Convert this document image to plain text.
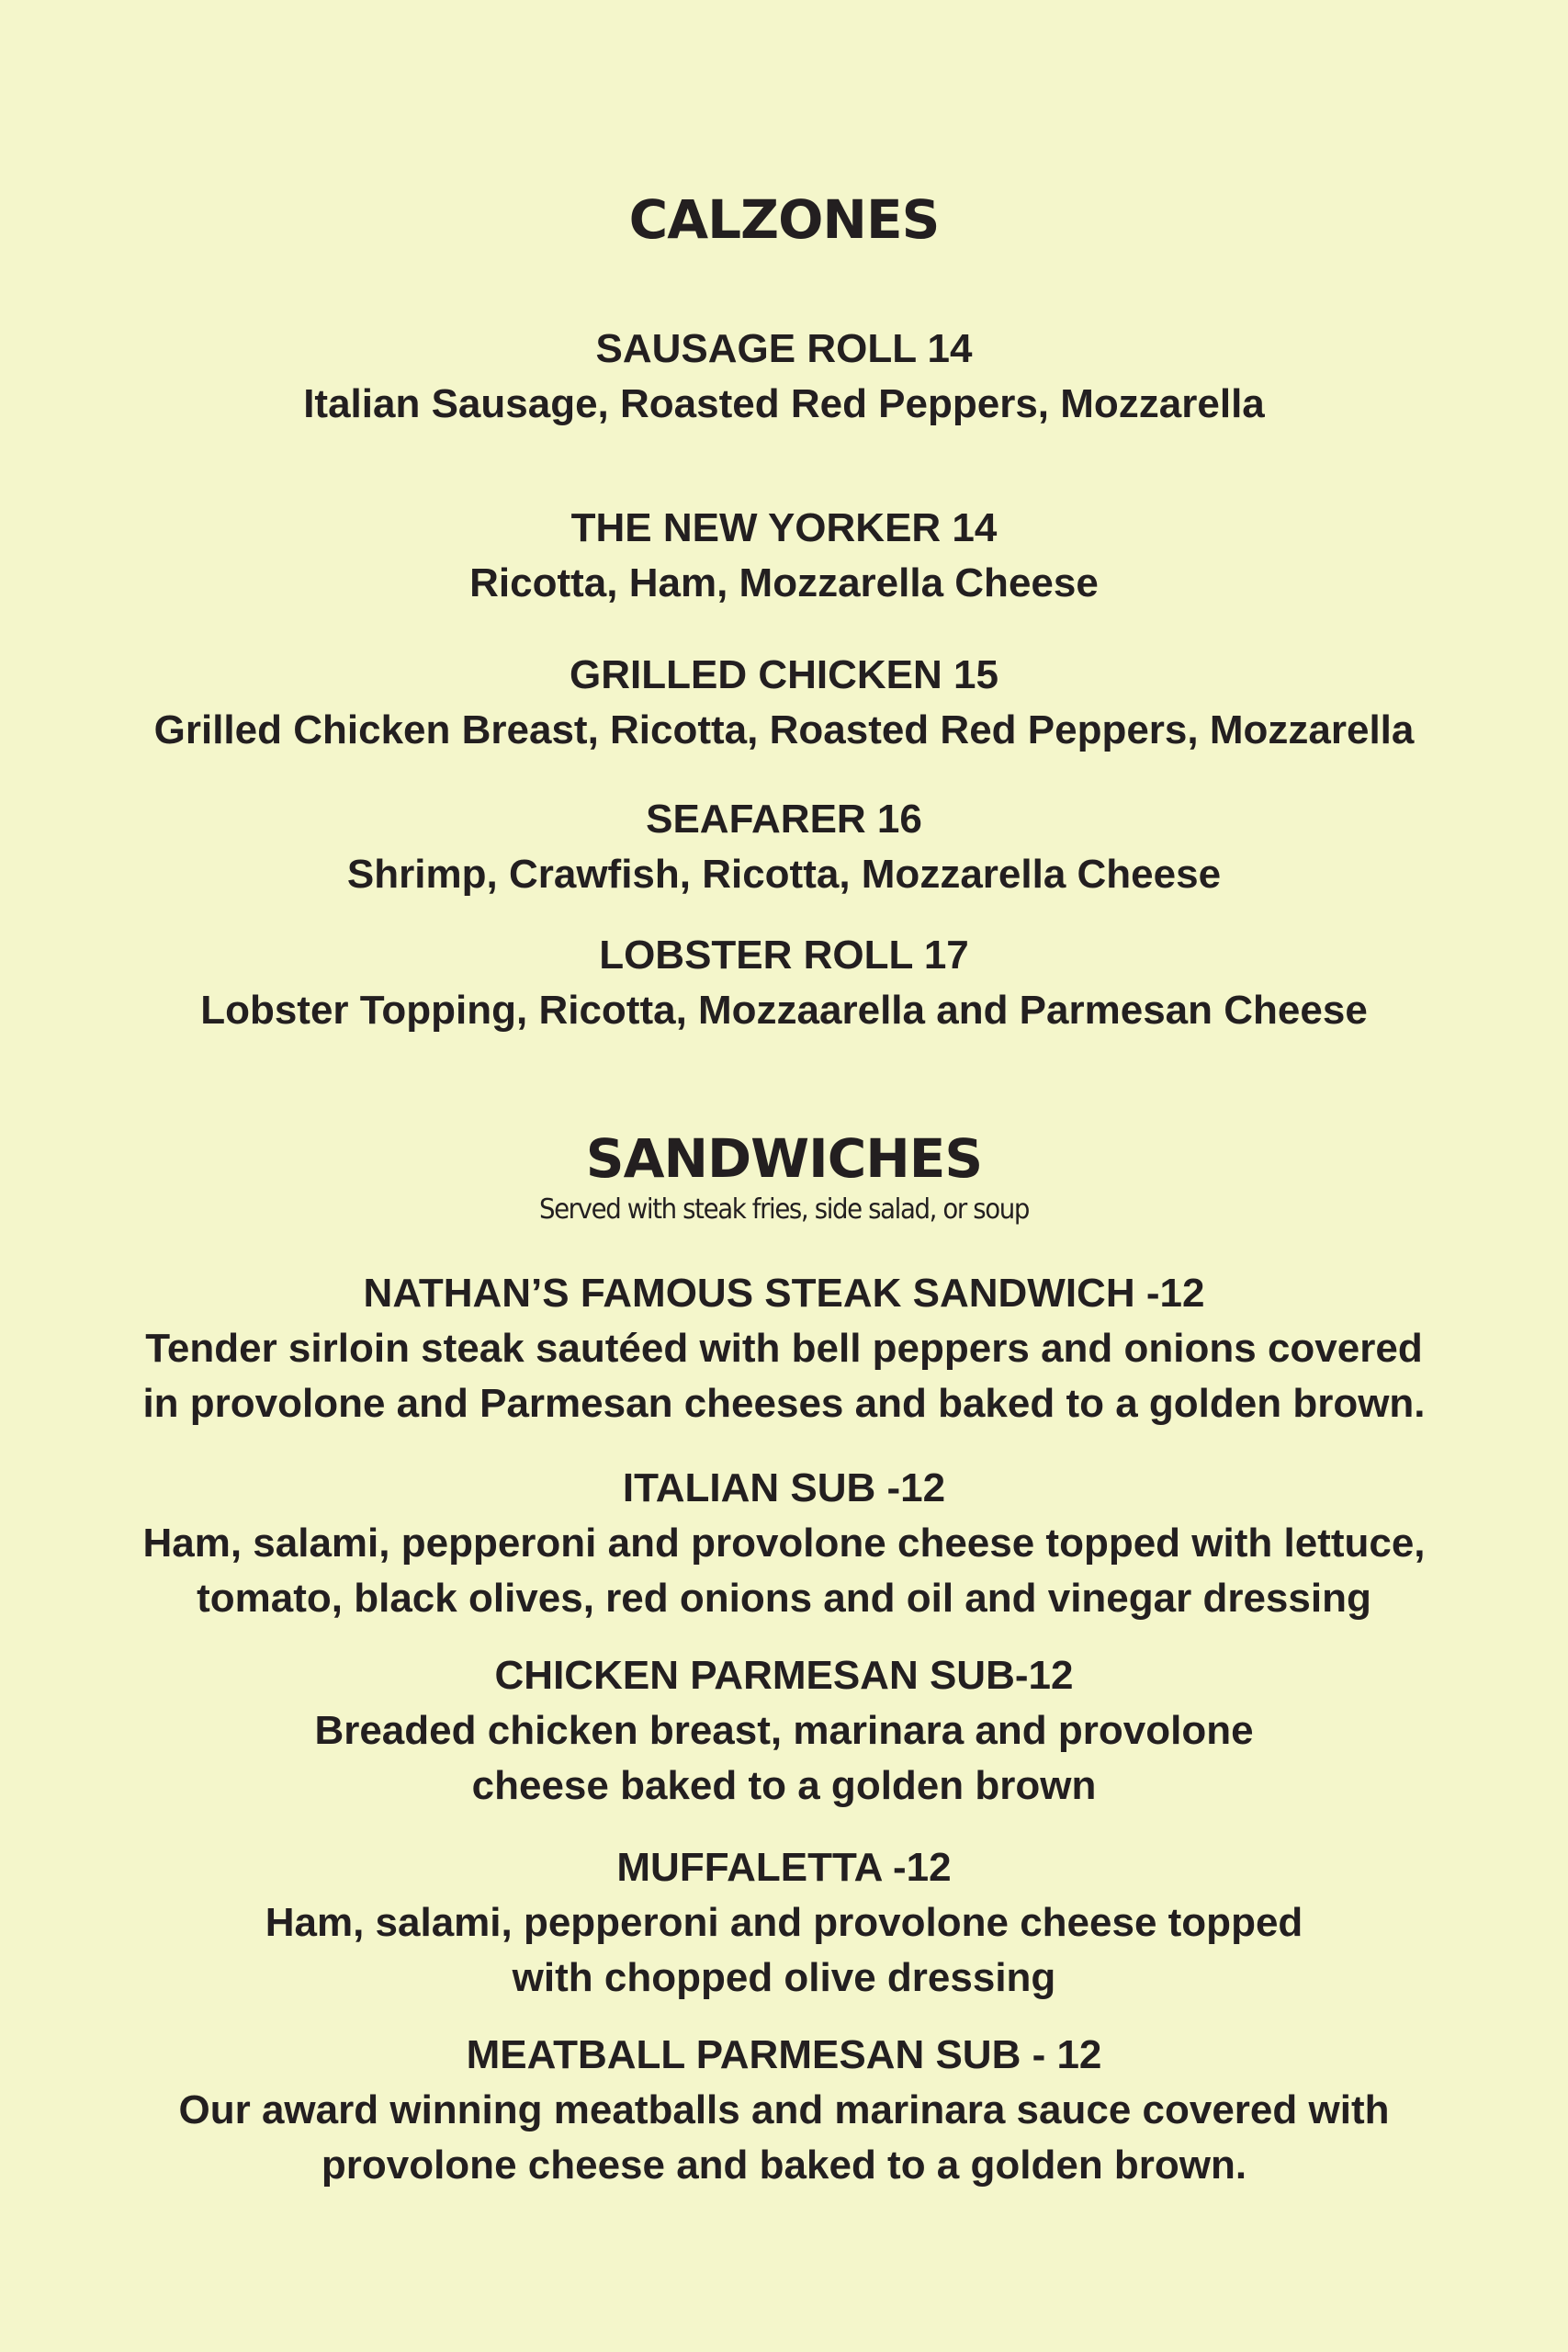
CALZONES
SAUSAGE ROLL 14
Italian Sausage, Roasted Red Peppers, Mozzarella
THE NEW YORKER 14
Ricotta, Ham, Mozzarella Cheese
GRILLED CHICKEN 15
Grilled Chicken Breast, Ricotta, Roasted Red Peppers, Mozzarella
SEAFARER 16
Shrimp, Crawfish, Ricotta, Mozzarella Cheese
LOBSTER ROLL 17
Lobster Topping, Ricotta, Mozzaarella and Parmesan Cheese
SANDWICHES
Served with steak fries, side salad, or soup
NATHAN’S FAMOUS STEAK SANDWICH -12
Tender sirloin steak sautéed with bell peppers and onions covered
in provolone and Parmesan cheeses and baked to a golden brown.
ITALIAN SUB -12
Ham, salami, pepperoni and provolone cheese topped with lettuce,
tomato, black olives, red onions and oil and vinegar dressing
CHICKEN PARMESAN SUB-12
Breaded chicken breast, marinara and provolone
cheese baked to a golden brown
MUFFALETTA -12
Ham, salami, pepperoni and provolone cheese topped
with chopped olive dressing
MEATBALL PARMESAN SUB - 12
Our award winning meatballs and marinara sauce covered with
provolone cheese and baked to a golden brown.
